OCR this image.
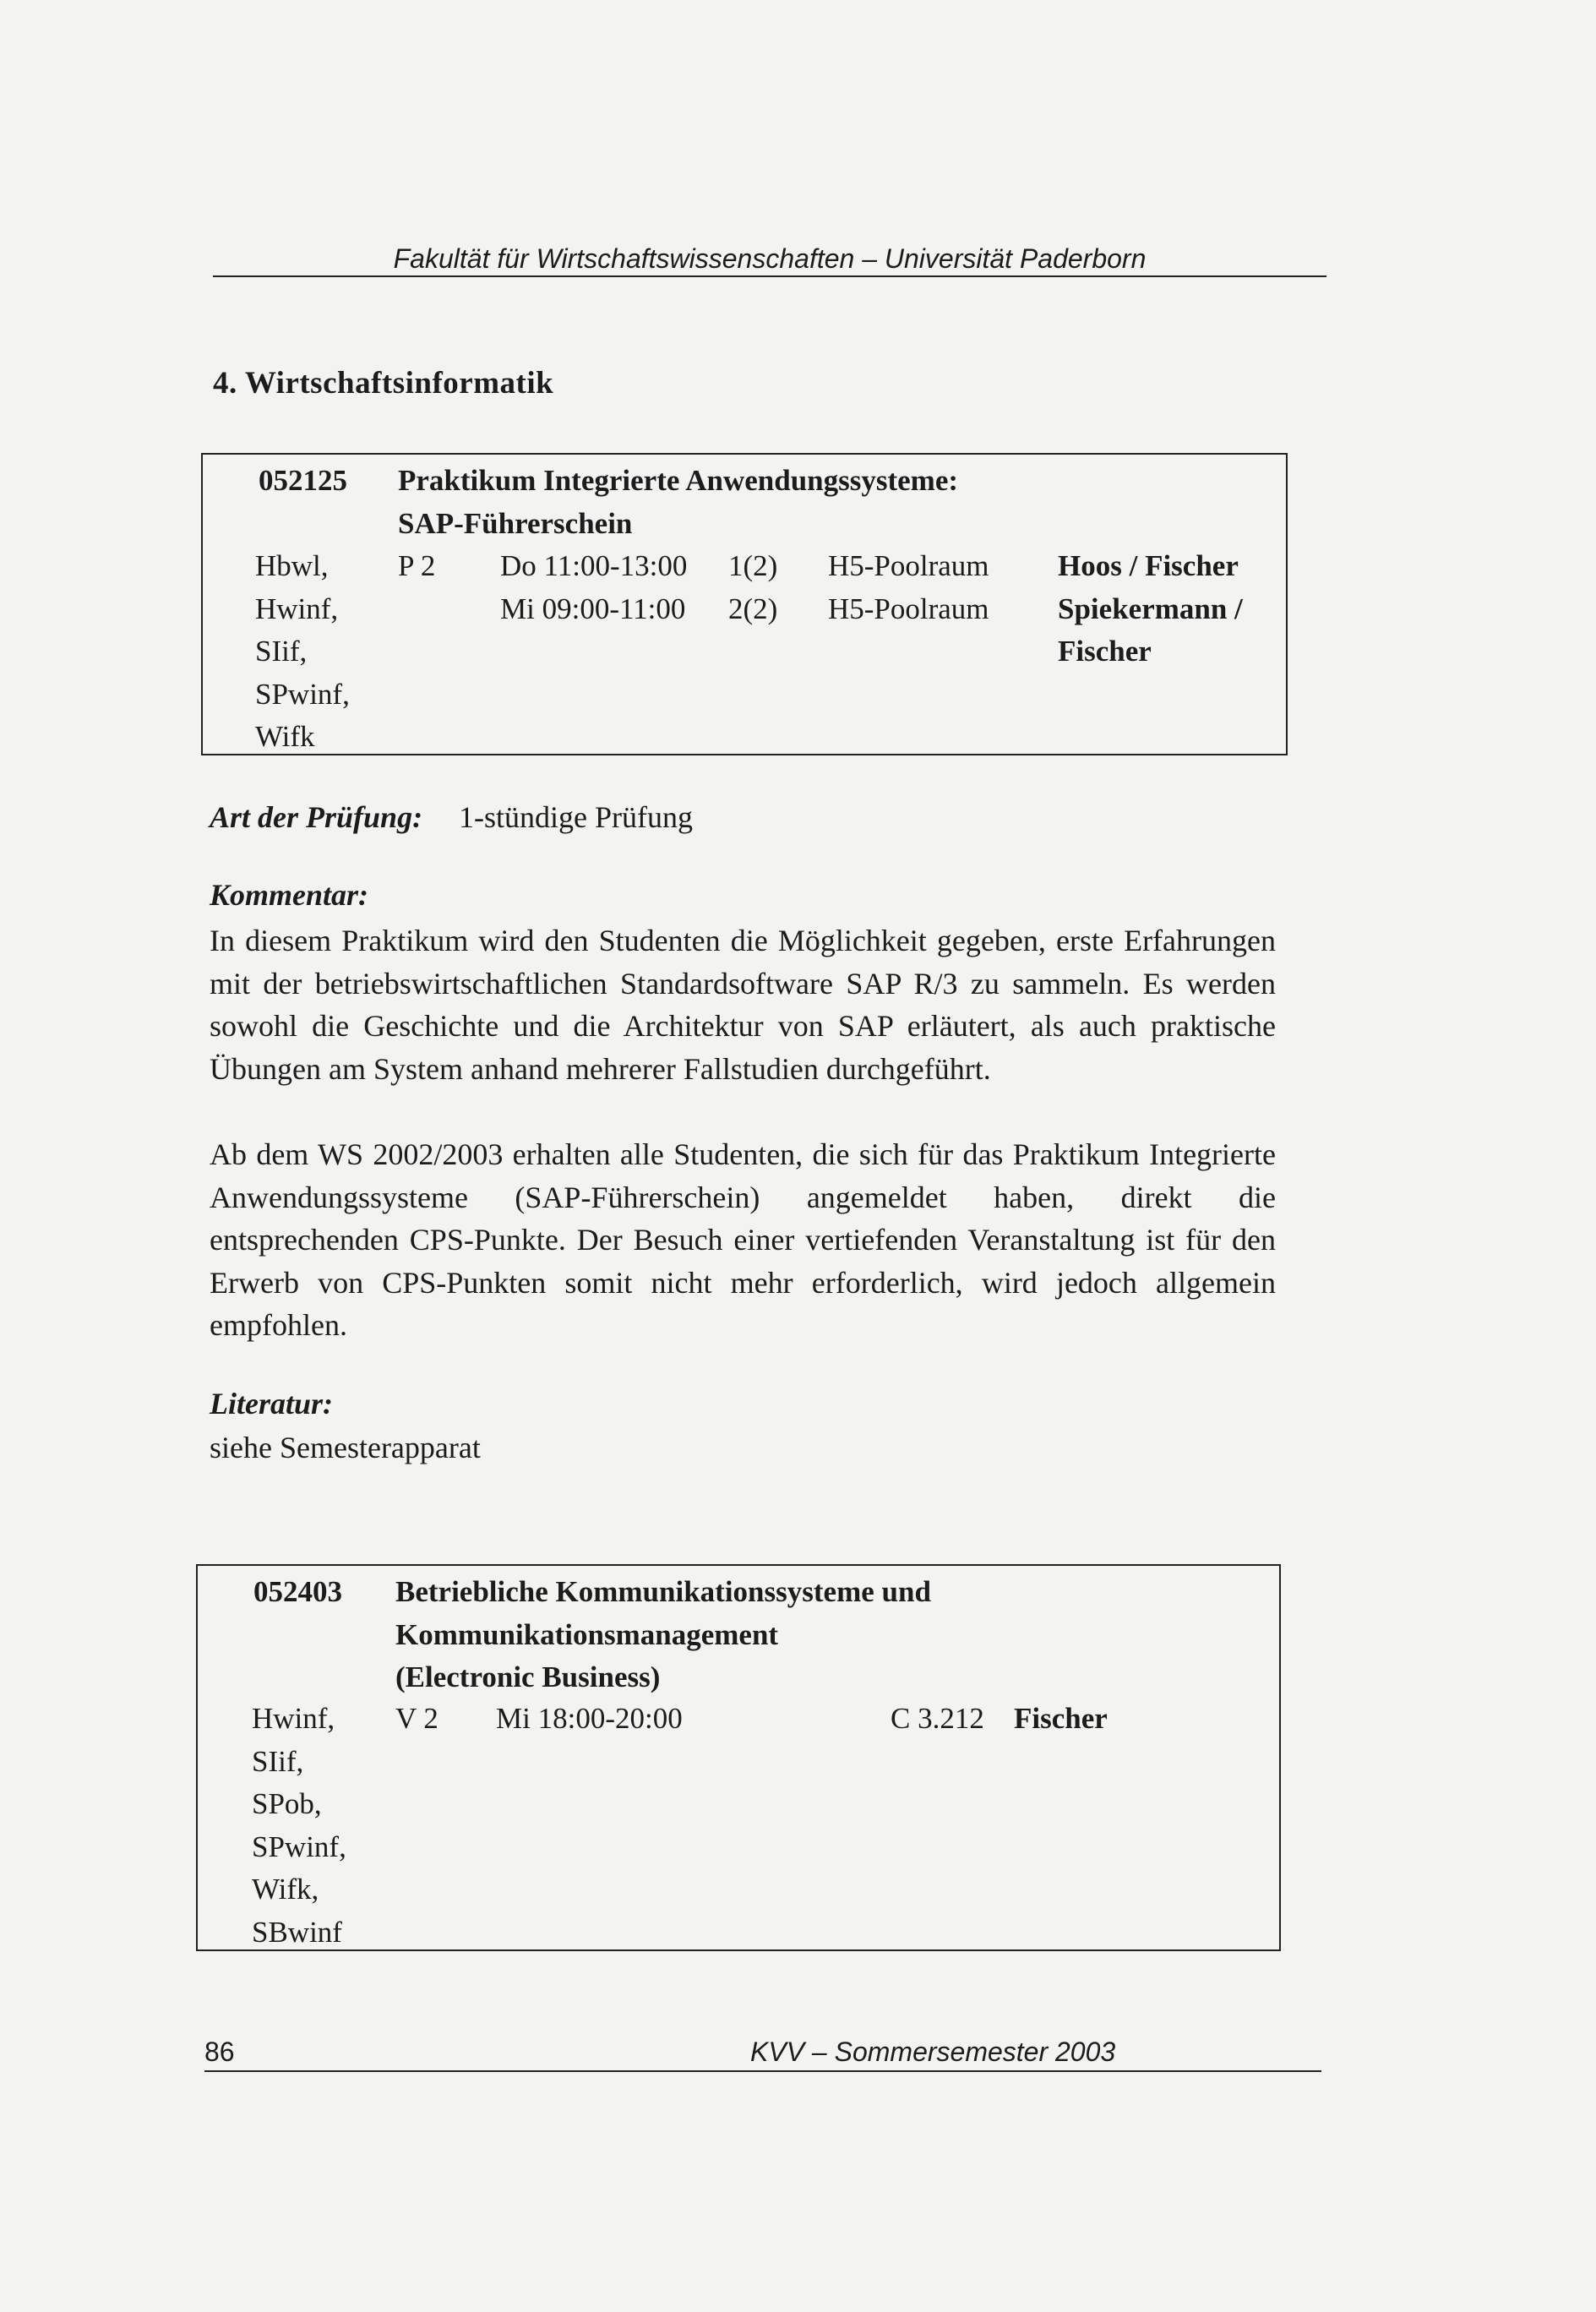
Fakultät für Wirtschaftswissenschaften – Universität Paderborn
4. Wirtschaftsinformatik
052125 Praktikum Integrierte Anwendungssysteme:
SAP-Führerschein
Hbwl,
Hwinf,
SIif,
SPwinf,
Wifk
P 2 Do 11:00-13:00
Mi 09:00-11:00
1(2)
2(2)
H5-Poolraum
H5-Poolraum
Hoos / Fischer
Spiekermann /
Fischer
Art der Prüfung: 1-stündige Prüfung
Kommentar:
In diesem Praktikum wird den Studenten die Möglichkeit gegeben, erste Erfahrungen mit der betriebswirtschaftlichen Standardsoftware SAP R/3 zu sammeln. Es werden sowohl die Geschichte und die Architektur von SAP erläutert, als auch praktische Übungen am System anhand mehrerer Fallstudien durchgeführt.
Ab dem WS 2002/2003 erhalten alle Studenten, die sich für das Praktikum Integrierte Anwendungssysteme (SAP-Führerschein) angemeldet haben, direkt die entsprechenden CPS-Punkte. Der Besuch einer vertiefenden Veranstaltung ist für den Erwerb von CPS-Punkten somit nicht mehr erforderlich, wird jedoch allgemein empfohlen.
Literatur:
siehe Semesterapparat
052403 Betriebliche Kommunikationssysteme und
Kommunikationsmanagement
(Electronic Business)
Hwinf,
SIif,
SPob,
SPwinf,
Wifk,
SBwinf
V 2 Mi 18:00-20:00	C 3.212 Fischer
86	KVV – Sommersemester 2003
